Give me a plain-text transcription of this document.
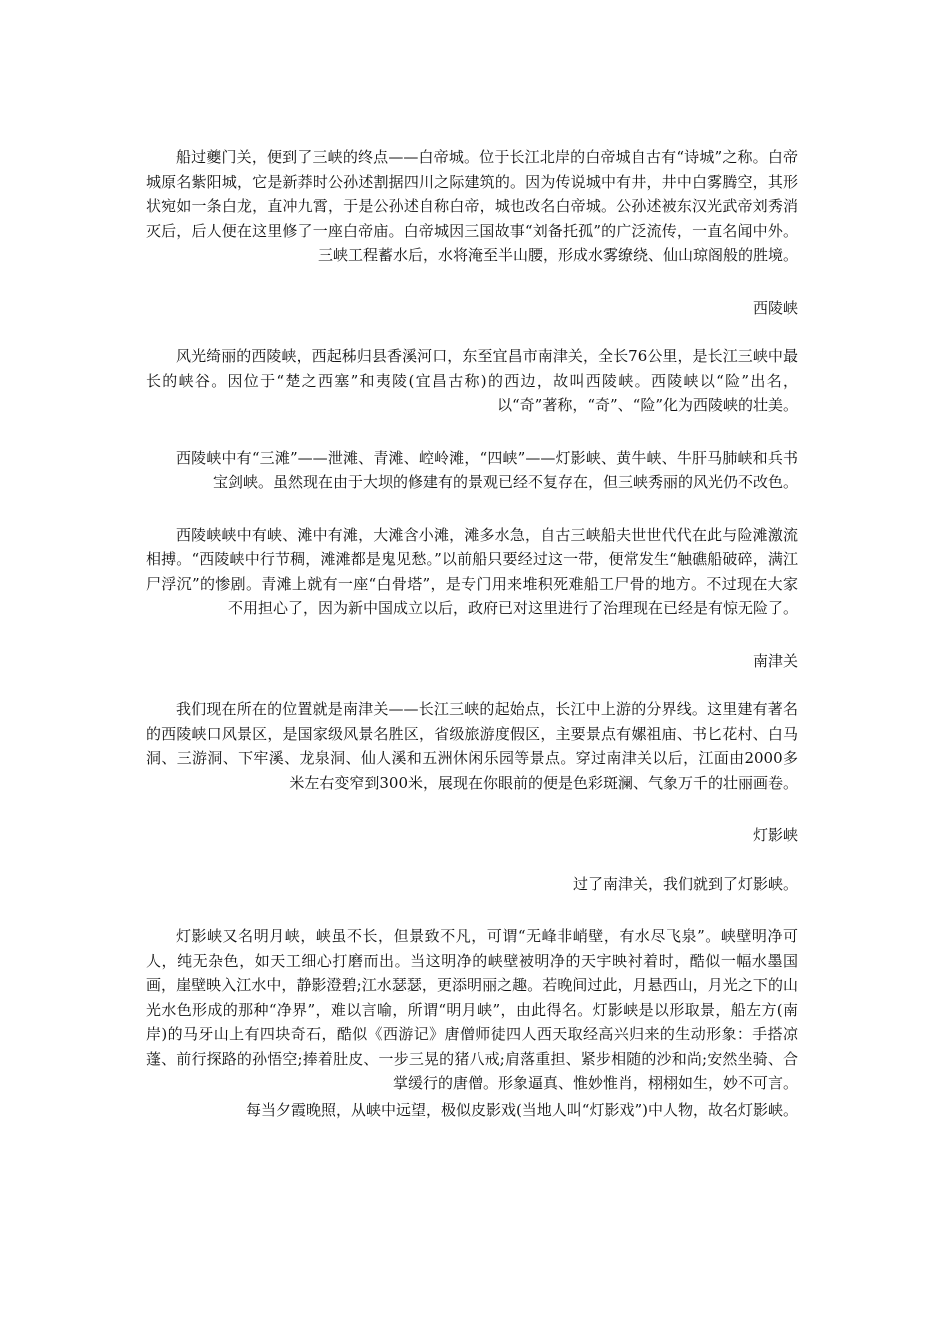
船过夔门关，便到了三峡的终点——白帝城。位于长江北岸的白帝城自古有“诗城”之称。白帝城原名紫阳城，它是新莽时公孙述割据四川之际建筑的。因为传说城中有井，井中白雾腾空，其形状宛如一条白龙，直冲九霄，于是公孙述自称白帝，城也改名白帝城。公孙述被东汉光武帝刘秀消灭后，后人便在这里修了一座白帝庙。白帝城因三国故事“刘备托孤”的广泛流传，一直名闻中外。三峡工程蓄水后，水将淹至半山腰，形成水雾缭绕、仙山琼阁般的胜境。

西陵峡

风光绮丽的西陵峡，西起秭归县香溪河口，东至宜昌市南津关，全长76公里，是长江三峡中最长的峡谷。因位于“楚之西塞”和夷陵(宜昌古称)的西边，故叫西陵峡。西陵峡以“险”出名，以“奇”著称，“奇”、“险”化为西陵峡的壮美。

西陵峡中有“三滩”——泄滩、青滩、崆岭滩，“四峡”——灯影峡、黄牛峡、牛肝马肺峡和兵书宝剑峡。虽然现在由于大坝的修建有的景观已经不复存在，但三峡秀丽的风光仍不改色。

西陵峡峡中有峡、滩中有滩，大滩含小滩，滩多水急，自古三峡船夫世世代代在此与险滩激流相搏。“西陵峡中行节稠，滩滩都是鬼见愁。”以前船只要经过这一带，便常发生“触礁船破碎，满江尸浮沉”的惨剧。青滩上就有一座“白骨塔”，是专门用来堆积死难船工尸骨的地方。不过现在大家不用担心了，因为新中国成立以后，政府已对这里进行了治理现在已经是有惊无险了。

南津关

我们现在所在的位置就是南津关——长江三峡的起始点，长江中上游的分界线。这里建有著名的西陵峡口风景区，是国家级风景名胜区，省级旅游度假区，主要景点有嫘祖庙、书匕花村、白马洞、三游洞、下牢溪、龙泉洞、仙人溪和五洲休闲乐园等景点。穿过南津关以后，江面由2000多米左右变窄到300米，展现在你眼前的便是色彩斑澜、气象万千的壮丽画卷。

灯影峡

过了南津关，我们就到了灯影峡。

灯影峡又名明月峡，峡虽不长，但景致不凡，可谓“无峰非峭壁，有水尽飞泉”。峡壁明净可人，纯无杂色，如天工细心打磨而出。当这明净的峡壁被明净的天宇映衬着时，酷似一幅水墨国画，崖壁映入江水中，静影澄碧;江水瑟瑟，更添明丽之趣。若晚间过此，月悬西山，月光之下的山光水色形成的那种“净界”，难以言喻，所谓“明月峡”，由此得名。灯影峡是以形取景，船左方(南岸)的马牙山上有四块奇石，酷似《西游记》唐僧师徒四人西天取经高兴归来的生动形象：手搭凉蓬、前行探路的孙悟空;捧着肚皮、一步三晃的猪八戒;肩落重担、紧步相随的沙和尚;安然坐骑、合掌缓行的唐僧。形象逼真、惟妙惟肖，栩栩如生，妙不可言。

每当夕霞晚照，从峡中远望，极似皮影戏(当地人叫“灯影戏”)中人物，故名灯影峡。
